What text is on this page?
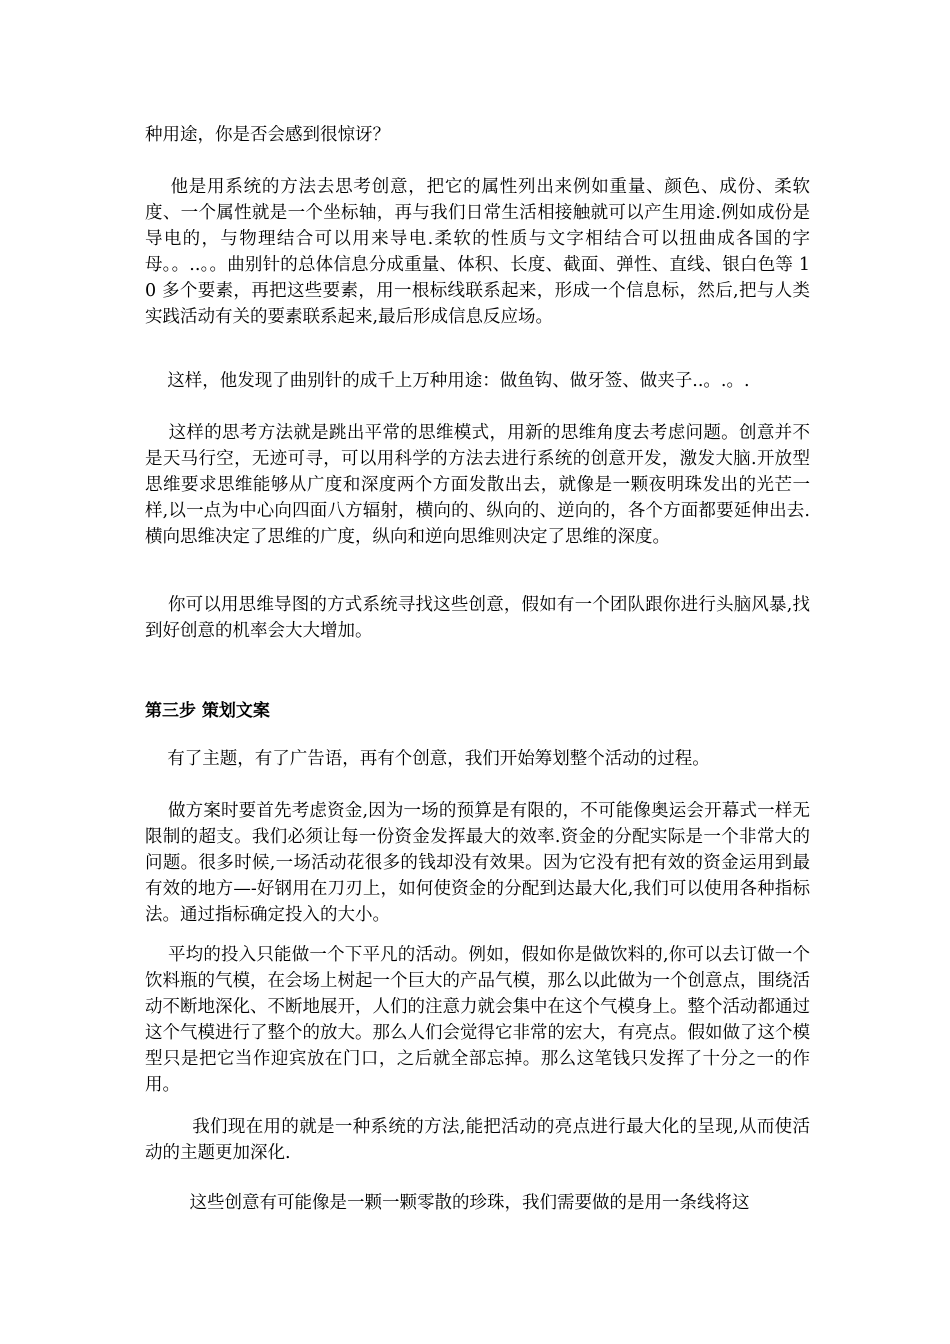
种用途，你是否会感到很惊讶？

他是用系统的方法去思考创意，把它的属性列出来例如重量、颜色、成份、柔软度、一个属性就是一个坐标轴，再与我们日常生活相接触就可以产生用途.例如成份是导电的，与物理结合可以用来导电.柔软的性质与文字相结合可以扭曲成各国的字母。。..。。曲别针的总体信息分成重量、体积、长度、截面、弹性、直线、银白色等 10 多个要素，再把这些要素，用一根标线联系起来，形成一个信息标，然后,把与人类实践活动有关的要素联系起来,最后形成信息反应场。

这样，他发现了曲别针的成千上万种用途：做鱼钩、做牙签、做夹子..。.。.

这样的思考方法就是跳出平常的思维模式，用新的思维角度去考虑问题。创意并不是天马行空，无迹可寻，可以用科学的方法去进行系统的创意开发，激发大脑.开放型思维要求思维能够从广度和深度两个方面发散出去，就像是一颗夜明珠发出的光芒一样,以一点为中心向四面八方辐射，横向的、纵向的、逆向的，各个方面都要延伸出去.横向思维决定了思维的广度，纵向和逆向思维则决定了思维的深度。

你可以用思维导图的方式系统寻找这些创意，假如有一个团队跟你进行头脑风暴,找到好创意的机率会大大增加。

第三步 策划文案

有了主题，有了广告语，再有个创意，我们开始筹划整个活动的过程。

做方案时要首先考虑资金,因为一场的预算是有限的，不可能像奥运会开幕式一样无限制的超支。我们必须让每一份资金发挥最大的效率.资金的分配实际是一个非常大的问题。很多时候,一场活动花很多的钱却没有效果。因为它没有把有效的资金运用到最有效的地方—-好钢用在刀刃上，如何使资金的分配到达最大化,我们可以使用各种指标法。通过指标确定投入的大小。

平均的投入只能做一个下平凡的活动。例如，假如你是做饮料的,你可以去订做一个饮料瓶的气模，在会场上树起一个巨大的产品气模，那么以此做为一个创意点，围绕活动不断地深化、不断地展开，人们的注意力就会集中在这个气模身上。整个活动都通过这个气模进行了整个的放大。那么人们会觉得它非常的宏大，有亮点。假如做了这个模型只是把它当作迎宾放在门口，之后就全部忘掉。那么这笔钱只发挥了十分之一的作用。

我们现在用的就是一种系统的方法,能把活动的亮点进行最大化的呈现,从而使活动的主题更加深化.

这些创意有可能像是一颗一颗零散的珍珠，我们需要做的是用一条线将这
